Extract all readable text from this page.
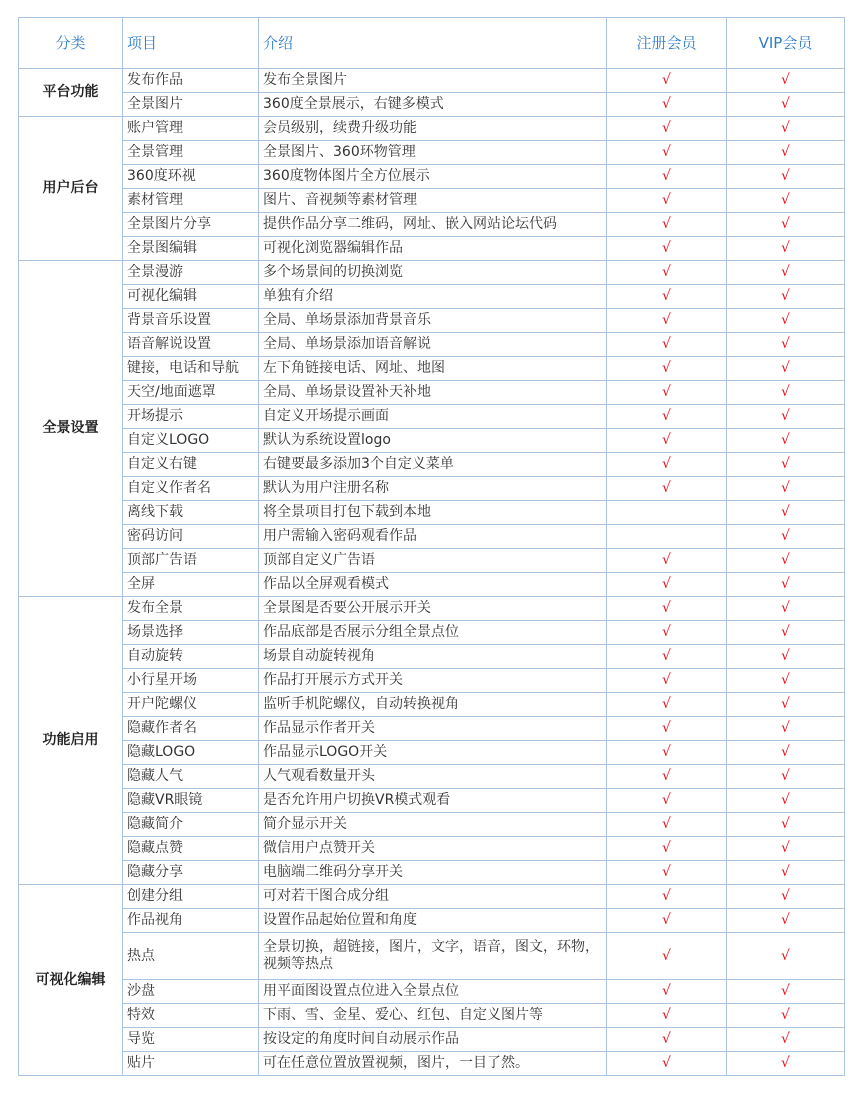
分类	项目	介绍	注册会员	VIP会员
平台功能	发布作品	发布全景图片	√	√
	全景图片	360度全景展示，右键多模式	√	√
用户后台	账户管理	会员级别，续费升级功能	√	√
	全景管理	全景图片、360环物管理	√	√
	360度环视	360度物体图片全方位展示	√	√
	素材管理	图片、音视频等素材管理	√	√
	全景图片分享	提供作品分享二维码，网址、嵌入网站论坛代码	√	√
	全景图编辑	可视化浏览器编辑作品	√	√
全景设置	全景漫游	多个场景间的切换浏览	√	√
	可视化编辑	单独有介绍	√	√
	背景音乐设置	全局、单场景添加背景音乐	√	√
	语音解说设置	全局、单场景添加语音解说	√	√
	键接，电话和导航	左下角链接电话、网址、地图	√	√
	天空/地面遮罩	全局、单场景设置补天补地	√	√
	开场提示	自定义开场提示画面	√	√
	自定义LOGO	默认为系统设置logo	√	√
	自定义右键	右键要最多添加3个自定义菜单	√	√
	自定义作者名	默认为用户注册名称	√	√
	离线下载	将全景项目打包下载到本地		√
	密码访问	用户需输入密码观看作品		√
	顶部广告语	顶部自定义广告语	√	√
	全屏	作品以全屏观看模式	√	√
功能启用	发布全景	全景图是否要公开展示开关	√	√
	场景选择	作品底部是否展示分组全景点位	√	√
	自动旋转	场景自动旋转视角	√	√
	小行星开场	作品打开展示方式开关	√	√
	开户陀螺仪	监听手机陀螺仪，自动转换视角	√	√
	隐藏作者名	作品显示作者开关	√	√
	隐藏LOGO	作品显示LOGO开关	√	√
	隐藏人气	人气观看数量开头	√	√
	隐藏VR眼镜	是否允许用户切换VR模式观看	√	√
	隐藏简介	简介显示开关	√	√
	隐藏点赞	微信用户点赞开关	√	√
	隐藏分享	电脑端二维码分享开关	√	√
可视化编辑	创建分组	可对若干图合成分组	√	√
	作品视角	设置作品起始位置和角度	√	√
	热点	全景切换，超链接，图片，文字，语音，图文，环物，视频等热点	√	√
	沙盘	用平面图设置点位进入全景点位	√	√
	特效	下雨、雪、金星、爱心、红包、自定义图片等	√	√
	导览	按设定的角度时间自动展示作品	√	√
	贴片	可在任意位置放置视频，图片，一目了然。	√	√
